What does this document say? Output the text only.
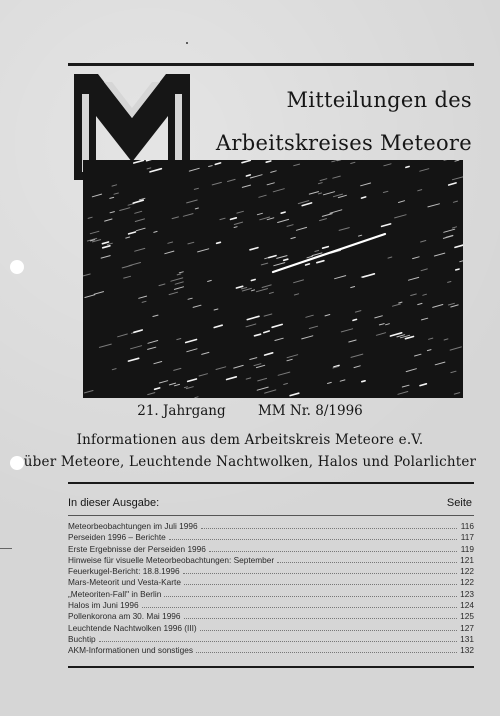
Mitteilungen des
Arbeitskreises Meteore
21. Jahrgang MM Nr. 8/1996
Informationen aus dem Arbeitskreis Meteore e.V.
über Meteore, Leuchtende Nachtwolken, Halos und Polarlichter
In dieser Ausgabe:	Seite
Meteorbeobachtungen im Juli 1996	116
Perseiden 1996 – Berichte	117
Erste Ergebnisse der Perseiden 1996	119
Hinweise für visuelle Meteorbeobachtungen: September	121
Feuerkugel-Bericht: 18.8.1996	122
Mars-Meteorit und Vesta-Karte	122
„Meteoriten-Fall" in Berlin	123
Halos im Juni 1996	124
Pollenkorona am 30. Mai 1996	125
Leuchtende Nachtwolken 1996 (III)	127
Buchtip	131
AKM-Informationen und sonstiges	132
